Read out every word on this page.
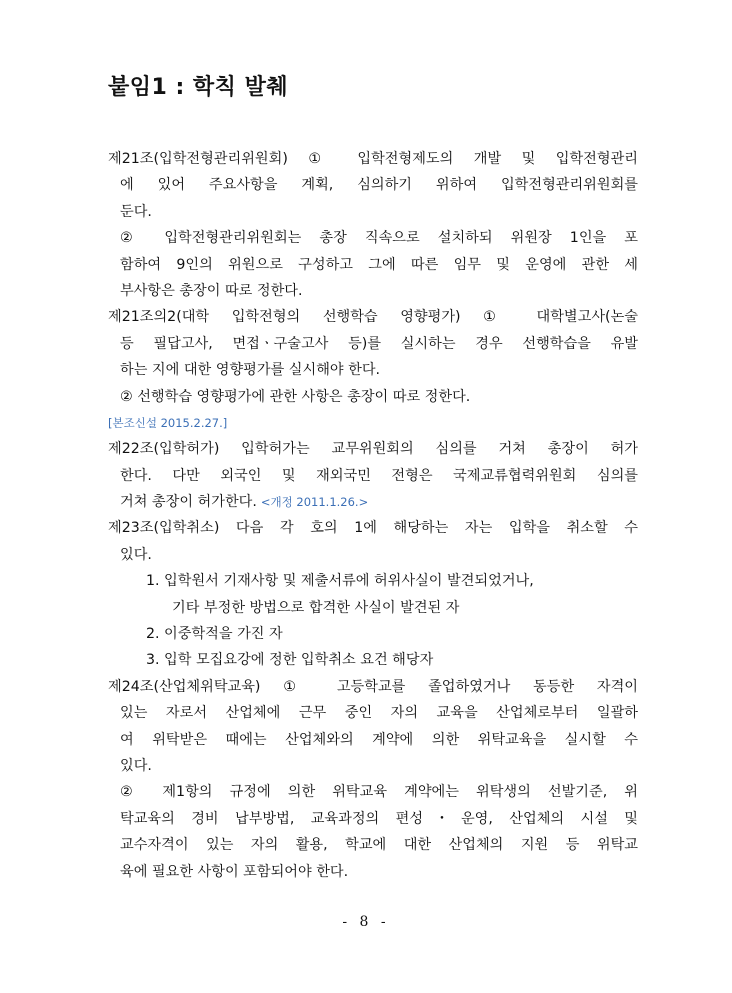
붙임1 : 학칙 발췌
제21조(입학전형관리위원회) ① 입학전형제도의 개발 및 입학전형관리
에 있어 주요사항을 계획, 심의하기 위하여 입학전형관리위원회를
둔다.
② 입학전형관리위원회는 총장 직속으로 설치하되 위원장 1인을 포
함하여 9인의 위원으로 구성하고 그에 따른 임무 및 운영에 관한 세
부사항은 총장이 따로 정한다.
제21조의2(대학 입학전형의 선행학습 영향평가) ① 대학별고사(논술
등 필답고사, 면접ㆍ구술고사 등)를 실시하는 경우 선행학습을 유발
하는 지에 대한 영향평가를 실시해야 한다.
② 선행학습 영향평가에 관한 사항은 총장이 따로 정한다.
[본조신설 2015.2.27.]
제22조(입학허가) 입학허가는 교무위원회의 심의를 거쳐 총장이 허가
한다. 다만 외국인 및 재외국민 전형은 국제교류협력위원회 심의를
거쳐 총장이 허가한다. <개정 2011.1.26.>
제23조(입학취소) 다음 각 호의 1에 해당하는 자는 입학을 취소할 수
있다.
1. 입학원서 기재사항 및 제출서류에 허위사실이 발견되었거나,
기타 부정한 방법으로 합격한 사실이 발견된 자
2. 이중학적을 가진 자
3. 입학 모집요강에 정한 입학취소 요건 해당자
제24조(산업체위탁교육) ① 고등학교를 졸업하였거나 동등한 자격이
있는 자로서 산업체에 근무 중인 자의 교육을 산업체로부터 일괄하
여 위탁받은 때에는 산업체와의 계약에 의한 위탁교육을 실시할 수
있다.
② 제1항의 규정에 의한 위탁교육 계약에는 위탁생의 선발기준, 위
탁교육의 경비 납부방법, 교육과정의 편성・운영, 산업체의 시설 및
교수자격이 있는 자의 활용, 학교에 대한 산업체의 지원 등 위탁교
육에 필요한 사항이 포함되어야 한다.
- 8 -
